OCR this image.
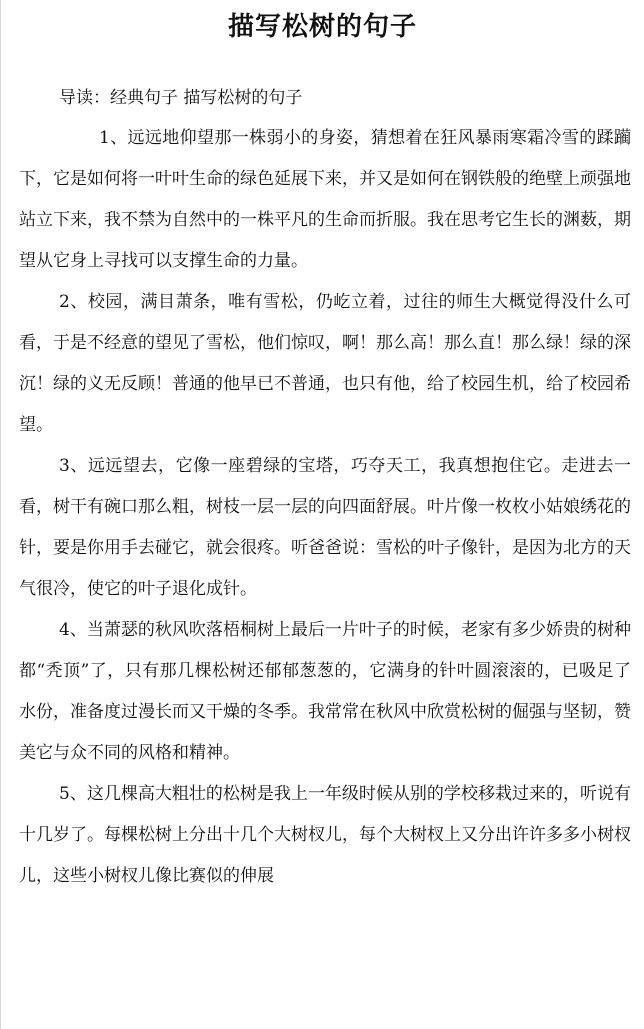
描写松树的句子

导读：经典句子 描写松树的句子

1、远远地仰望那一株弱小的身姿，猜想着在狂风暴雨寒霜冷雪的蹂躏下，它是如何将一叶叶生命的绿色延展下来，并又是如何在钢铁般的绝壁上顽强地站立下来，我不禁为自然中的一株平凡的生命而折服。我在思考它生长的渊薮，期望从它身上寻找可以支撑生命的力量。

2、校园，满目萧条，唯有雪松，仍屹立着，过往的师生大概觉得没什么可看，于是不经意的望见了雪松，他们惊叹，啊！那么高！那么直！那么绿！绿的深沉！绿的义无反顾！普通的他早已不普通，也只有他，给了校园生机，给了校园希望。

3、远远望去，它像一座碧绿的宝塔，巧夺天工，我真想抱住它。走进去一看，树干有碗口那么粗，树枝一层一层的向四面舒展。叶片像一枚枚小姑娘绣花的针，要是你用手去碰它，就会很疼。听爸爸说：雪松的叶子像针，是因为北方的天气很冷，使它的叶子退化成针。

4、当萧瑟的秋风吹落梧桐树上最后一片叶子的时候，老家有多少娇贵的树种都“秃顶”了，只有那几棵松树还郁郁葱葱的，它满身的针叶圆滚滚的，已吸足了水份，准备度过漫长而又干燥的冬季。我常常在秋风中欣赏松树的倔强与坚韧，赞美它与众不同的风格和精神。

5、这几棵高大粗壮的松树是我上一年级时候从别的学校移栽过来的，听说有十几岁了。每棵松树上分出十几个大树杈儿，每个大树杈上又分出许许多多小树杈儿，这些小树杈儿像比赛似的伸展
